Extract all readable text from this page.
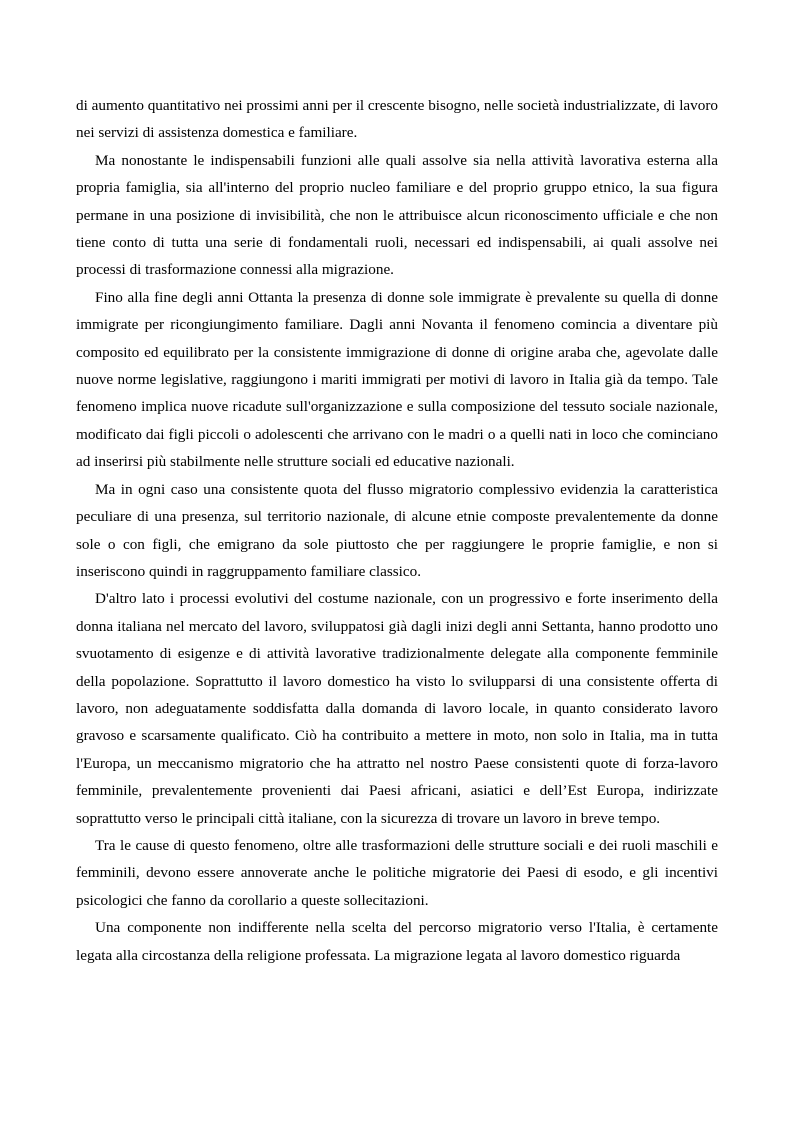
di aumento quantitativo nei prossimi anni per il crescente bisogno, nelle società industrializzate, di lavoro nei servizi di assistenza domestica e familiare.

Ma nonostante le indispensabili funzioni alle quali assolve sia nella attività lavorativa esterna alla propria famiglia, sia all'interno del proprio nucleo familiare e del proprio gruppo etnico, la sua figura permane in una posizione di invisibilità, che non le attribuisce alcun riconoscimento ufficiale e che non tiene conto di tutta una serie di fondamentali ruoli, necessari ed indispensabili, ai quali assolve nei processi di trasformazione connessi alla migrazione.

Fino alla fine degli anni Ottanta la presenza di donne sole immigrate è prevalente su quella di donne immigrate per ricongiungimento familiare. Dagli anni Novanta il fenomeno comincia a diventare più composito ed equilibrato per la consistente immigrazione di donne di origine araba che, agevolate dalle nuove norme legislative, raggiungono i mariti immigrati per motivi di lavoro in Italia già da tempo. Tale fenomeno implica nuove ricadute sull'organizzazione e sulla composizione del tessuto sociale nazionale, modificato dai figli piccoli o adolescenti che arrivano con le madri o a quelli nati in loco che cominciano ad inserirsi più stabilmente nelle strutture sociali ed educative nazionali.

Ma in ogni caso una consistente quota del flusso migratorio complessivo evidenzia la caratteristica peculiare di una presenza, sul territorio nazionale, di alcune etnie composte prevalentemente da donne sole o con figli, che emigrano da sole piuttosto che per raggiungere le proprie famiglie, e non si inseriscono quindi in raggruppamento familiare classico.

D'altro lato i processi evolutivi del costume nazionale, con un progressivo e forte inserimento della donna italiana nel mercato del lavoro, sviluppatosi già dagli inizi degli anni Settanta, hanno prodotto uno svuotamento di esigenze e di attività lavorative tradizionalmente delegate alla componente femminile della popolazione. Soprattutto il lavoro domestico ha visto lo svilupparsi di una consistente offerta di lavoro, non adeguatamente soddisfatta dalla domanda di lavoro locale, in quanto considerato lavoro gravoso e scarsamente qualificato. Ciò ha contribuito a mettere in moto, non solo in Italia, ma in tutta l'Europa, un meccanismo migratorio che ha attratto nel nostro Paese consistenti quote di forza-lavoro femminile, prevalentemente provenienti dai Paesi africani, asiatici e dell’Est Europa, indirizzate soprattutto verso le principali città italiane, con la sicurezza di trovare un lavoro in breve tempo.

Tra le cause di questo fenomeno, oltre alle trasformazioni delle strutture sociali e dei ruoli maschili e femminili, devono essere annoverate anche le politiche migratorie dei Paesi di esodo, e gli incentivi psicologici che fanno da corollario a queste sollecitazioni.

Una componente non indifferente nella scelta del percorso migratorio verso l'Italia, è certamente legata alla circostanza della religione professata. La migrazione legata al lavoro domestico riguarda
